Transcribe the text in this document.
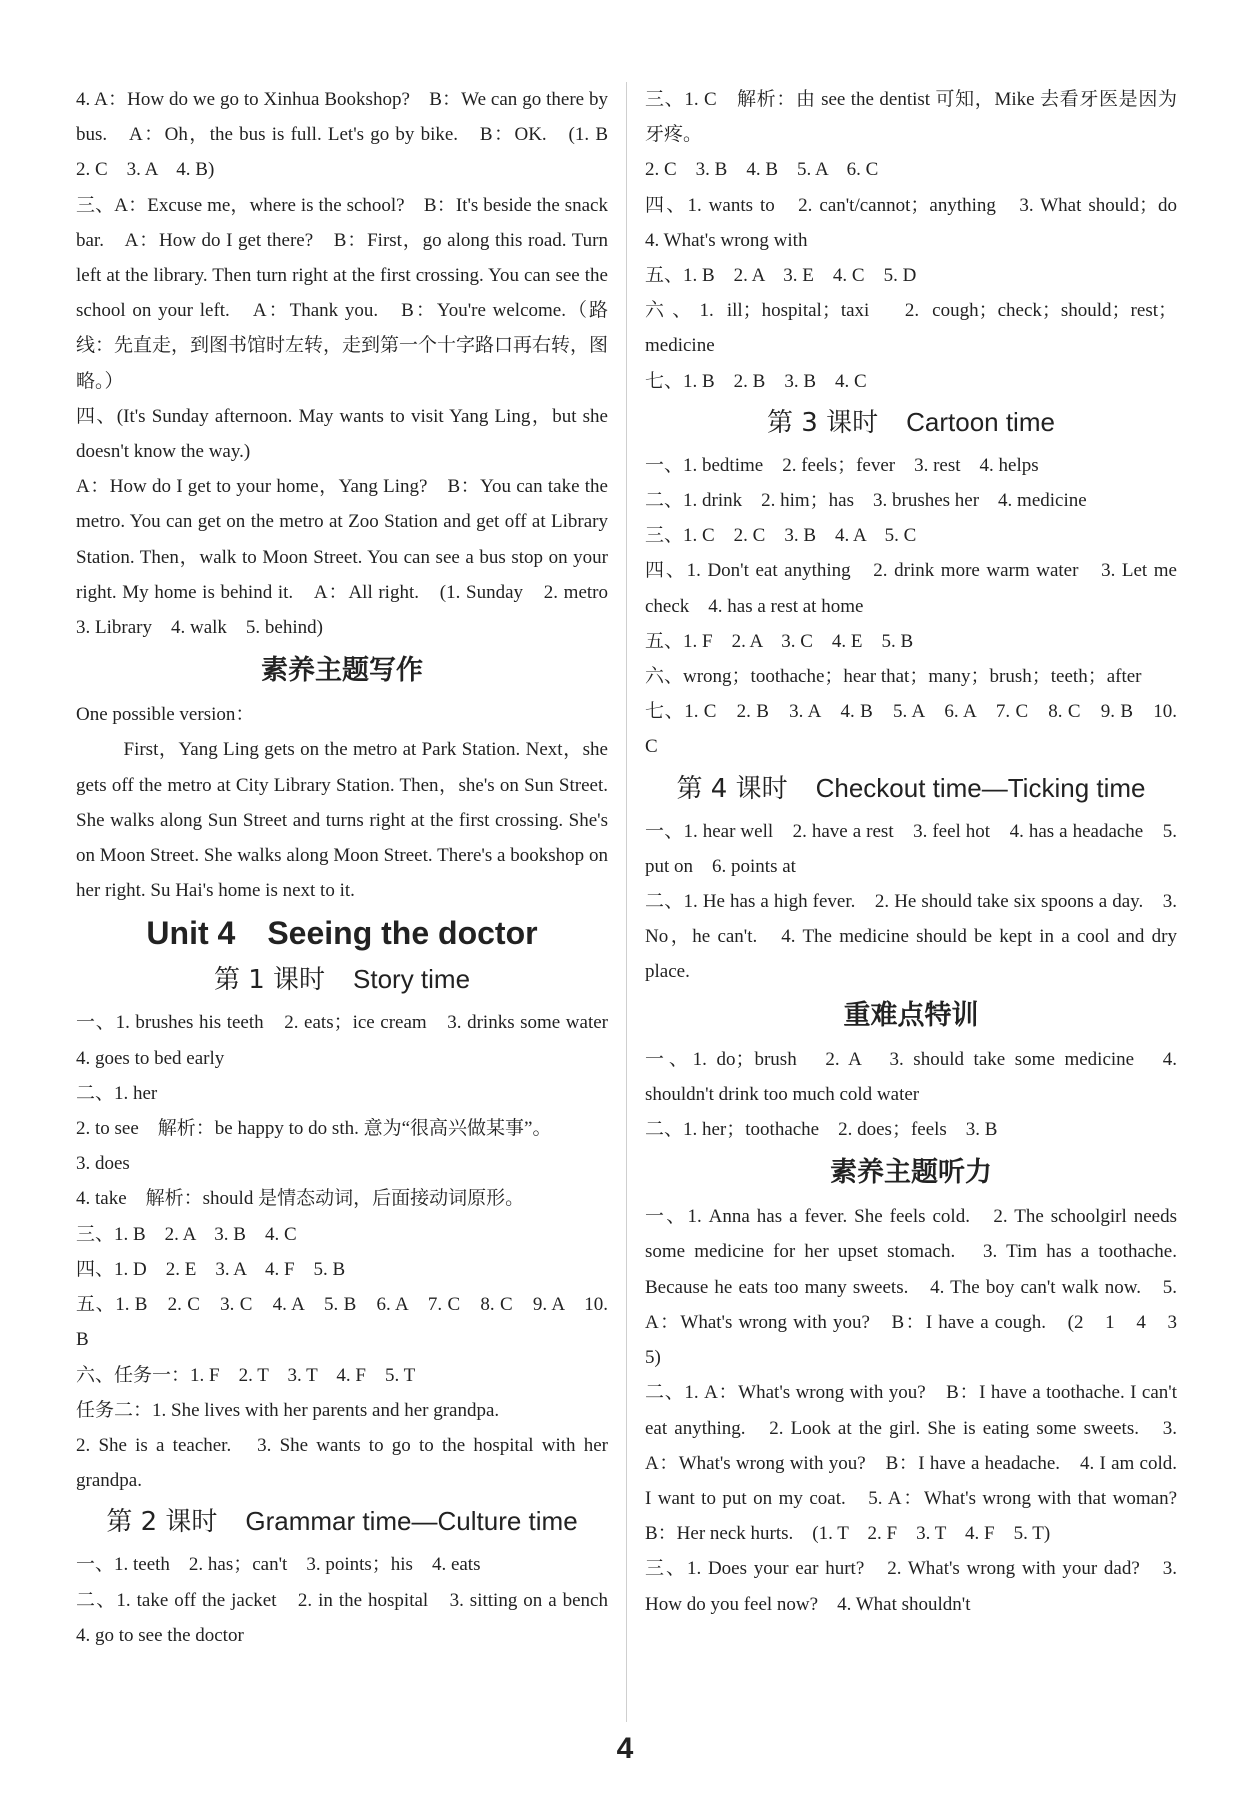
4. A：How do we go to Xinhua Bookshop?　B：We can go there by bus.　A：Oh，the bus is full. Let's go by bike.　B：OK.　(1. B　2. C　3. A　4. B)

三、A：Excuse me，where is the school?　B：It's beside the snack bar.　A：How do I get there?　B：First，go along this road. Turn left at the library. Then turn right at the first crossing. You can see the school on your left.　A：Thank you.　B：You're welcome.（路线：先直走，到图书馆时左转，走到第一个十字路口再右转，图略。）

四、(It's Sunday afternoon. May wants to visit Yang Ling，but she doesn't know the way.)

A：How do I get to your home，Yang Ling?　B：You can take the metro. You can get on the metro at Zoo Station and get off at Library Station. Then，walk to Moon Street. You can see a bus stop on your right. My home is behind it.　A：All right.　(1. Sunday　2. metro　3. Library　4. walk　5. behind)

素养主题写作

One possible version：

First，Yang Ling gets on the metro at Park Station. Next，she gets off the metro at City Library Station. Then，she's on Sun Street. She walks along Sun Street and turns right at the first crossing. She's on Moon Street. She walks along Moon Street. There's a bookshop on her right. Su Hai's home is next to it.

Unit 4　Seeing the doctor
第 1 课时 Story time

一、1. brushes his teeth　2. eats；ice cream　3. drinks some water　4. goes to bed early

二、1. her

2. to see　解析：be happy to do sth. 意为“很高兴做某事”。

3. does

4. take　解析：should 是情态动词，后面接动词原形。

三、1. B　2. A　3. B　4. C

四、1. D　2. E　3. A　4. F　5. B

五、1. B　2. C　3. C　4. A　5. B　6. A　7. C　8. C　9. A　10. B

六、任务一：1. F　2. T　3. T　4. F　5. T

任务二：1. She lives with her parents and her grandpa.

2. She is a teacher.　3. She wants to go to the hospital with her grandpa.

第 2 课时 Grammar time—Culture time

一、1. teeth　2. has；can't　3. points；his　4. eats

二、1. take off the jacket　2. in the hospital　3. sitting on a bench　4. go to see the doctor

三、1. C　解析：由 see the dentist 可知，Mike 去看牙医是因为牙疼。

2. C　3. B　4. B　5. A　6. C

四、1. wants to　2. can't/cannot；anything　3. What should；do　4. What's wrong with

五、1. B　2. A　3. E　4. C　5. D

六、1. ill；hospital；taxi　2. cough；check；should；rest；medicine

七、1. B　2. B　3. B　4. C

第 3 课时 Cartoon time

一、1. bedtime　2. feels；fever　3. rest　4. helps

二、1. drink　2. him；has　3. brushes her　4. medicine

三、1. C　2. C　3. B　4. A　5. C

四、1. Don't eat anything　2. drink more warm water　3. Let me check　4. has a rest at home

五、1. F　2. A　3. C　4. E　5. B

六、wrong；toothache；hear that；many；brush；teeth；after

七、1. C　2. B　3. A　4. B　5. A　6. A　7. C　8. C　9. B　10. C

第 4 课时 Checkout time—Ticking time

一、1. hear well　2. have a rest　3. feel hot　4. has a headache　5. put on　6. points at

二、1. He has a high fever.　2. He should take six spoons a day.　3. No，he can't.　4. The medicine should be kept in a cool and dry place.

重难点特训

一、1. do；brush　2. A　3. should take some medicine　4. shouldn't drink too much cold water

二、1. her；toothache　2. does；feels　3. B

素养主题听力

一、1. Anna has a fever. She feels cold.　2. The schoolgirl needs some medicine for her upset stomach.　3. Tim has a toothache. Because he eats too many sweets.　4. The boy can't walk now.　5. A：What's wrong with you?　B：I have a cough.　(2　1　4　3　5)

二、1. A：What's wrong with you?　B：I have a toothache. I can't eat anything.　2. Look at the girl. She is eating some sweets.　3. A：What's wrong with you?　B：I have a headache.　4. I am cold. I want to put on my coat.　5. A：What's wrong with that woman?　B：Her neck hurts.　(1. T　2. F　3. T　4. F　5. T)

三、1. Does your ear hurt?　2. What's wrong with your dad?　3. How do you feel now?　4. What shouldn't

4
